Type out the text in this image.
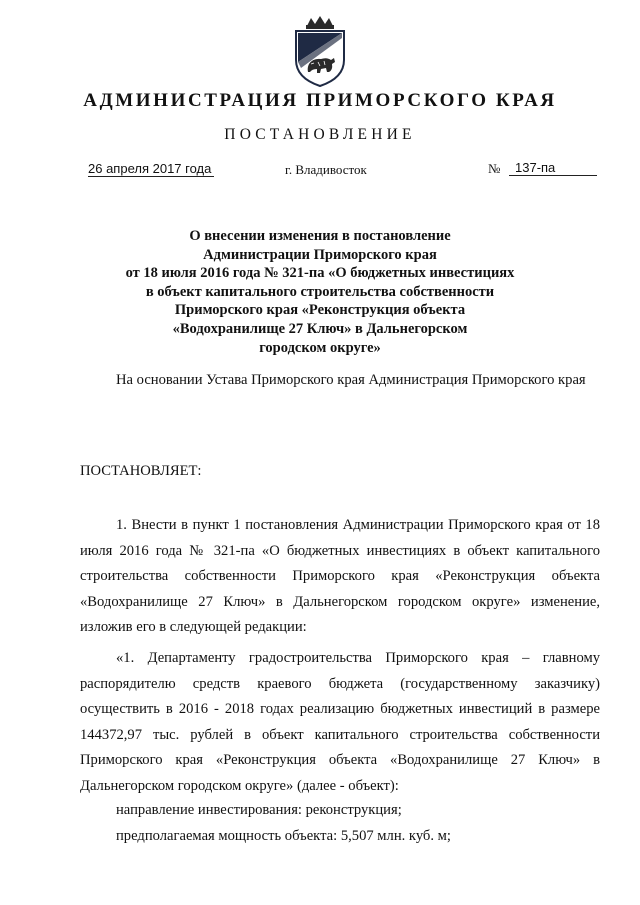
АДМИНИСТРАЦИЯ ПРИМОРСКОГО КРАЯ
ПОСТАНОВЛЕНИЕ
26 апреля 2017 года	г. Владивосток	№	137-па
О внесении изменения в постановление
Администрации Приморского края
от 18 июля 2016 года № 321-па «О бюджетных инвестициях
в объект капитального строительства собственности
Приморского края «Реконструкция объекта
«Водохранилище 27 Ключ» в Дальнегорском
городском округе»
На основании Устава Приморского края Администрация Приморского края
ПОСТАНОВЛЯЕТ:
1. Внести в пункт 1 постановления Администрации Приморского края от 18 июля 2016 года № 321-па «О бюджетных инвестициях в объект капитального строительства собственности Приморского края «Реконструкция объекта «Водохранилище 27 Ключ» в Дальнегорском городском округе» изменение, изложив его в следующей редакции:
«1. Департаменту градостроительства Приморского края – главному распорядителю средств краевого бюджета (государственному заказчику) осуществить в 2016 - 2018 годах реализацию бюджетных инвестиций в размере 144372,97 тыс. рублей в объект капитального строительства собственности Приморского края «Реконструкция объекта «Водохранилище 27 Ключ» в Дальнегорском городском округе» (далее - объект):
направление инвестирования: реконструкция;
предполагаемая мощность объекта: 5,507 млн. куб. м;
